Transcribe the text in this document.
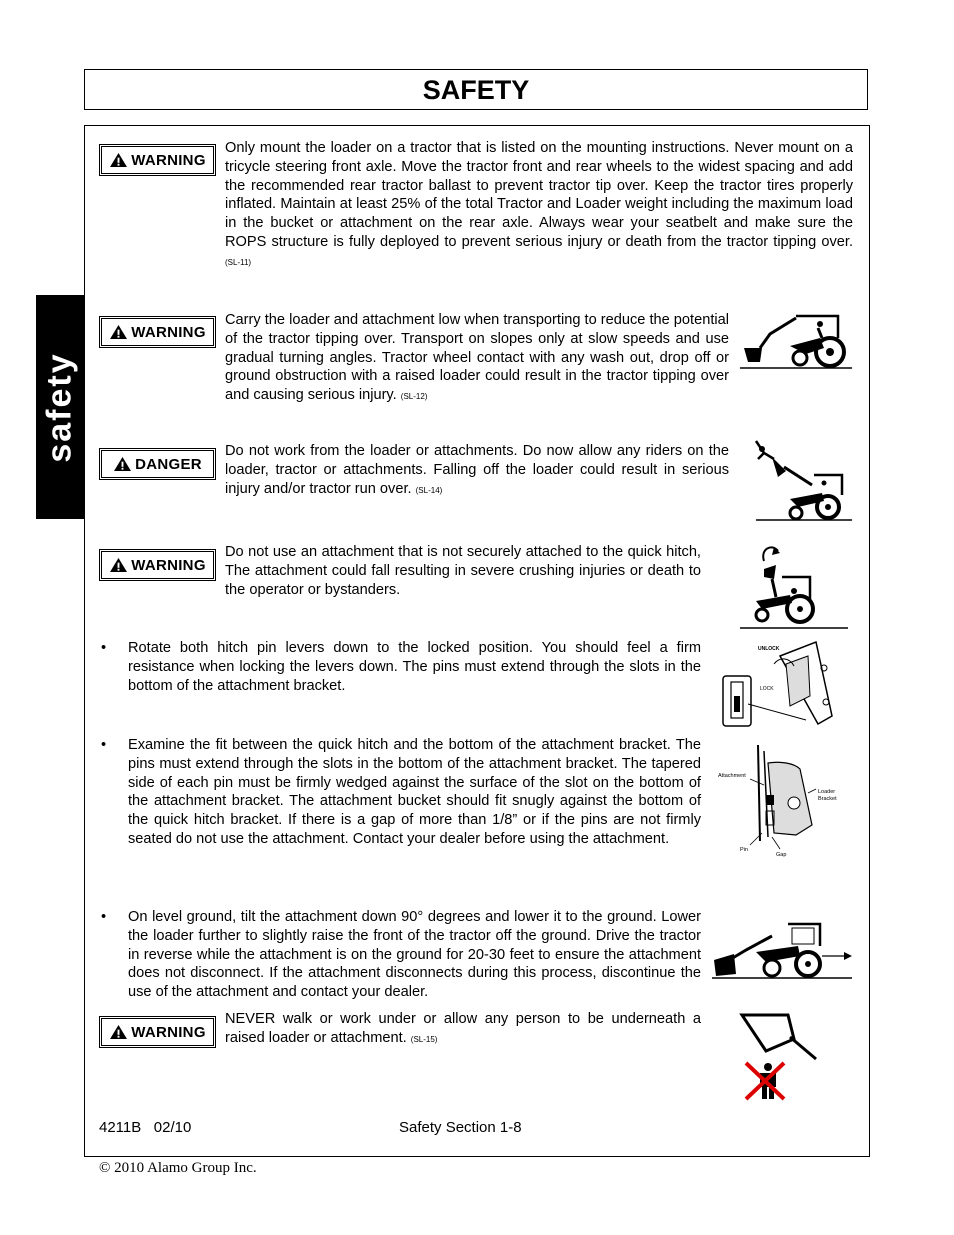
SAFETY
safety
WARNING
Only mount the loader on a tractor that is listed on the mounting instructions. Never mount on a tricycle steering front axle. Move the tractor front and rear wheels to the widest spacing and add the recommended rear tractor ballast to prevent tractor tip over. Keep the tractor tires properly inflated. Maintain at least 25% of the total Tractor and Loader weight including the maximum load in the bucket or attachment on the rear axle. Always wear your seatbelt and make sure the ROPS structure is fully deployed to prevent serious injury or death from the tractor tipping over. (SL-11)
WARNING
Carry the loader and attachment low when transporting to reduce the potential of the tractor tipping over. Transport on slopes only at slow speeds and use gradual turning angles. Tractor wheel contact with any wash out, drop off or ground obstruction with a raised loader could result in the tractor tipping over and causing serious injury. (SL-12)
DANGER
Do not work from the loader or attachments. Do now allow any riders on the loader, tractor or attachments. Falling off the loader could result in serious injury and/or tractor run over. (SL-14)
WARNING
Do not use an attachment that is not securely attached to the quick hitch, The attachment could fall resulting in severe crushing injuries or death to the operator or bystanders.
• Rotate both hitch pin levers down to the locked position. You should feel a firm resistance when locking the levers down. The pins must extend through the slots in the bottom of the attachment bracket.
UNLOCK
LOCK
• Examine the fit between the quick hitch and the bottom of the attachment bracket. The pins must extend through the slots in the bottom of the attachment bracket. The tapered side of each pin must be firmly wedged against the surface of the slot on the bottom of the attachment bracket. The attachment bucket should fit snugly against the bottom of the quick hitch bracket. If there is a gap of more than 1/8” or if the pins are not firmly seated do not use the attachment. Contact your dealer before using the attachment.
Attachment
Loader
Bracket
Pin
Gap
• On level ground, tilt the attachment down 90° degrees and lower it to the ground. Lower the loader further to slightly raise the front of the tractor off the ground. Drive the tractor in reverse while the attachment is on the ground for 20-30 feet to ensure the attachment does not disconnect. If the attachment disconnects during this process, discontinue the use of the attachment and contact your dealer.
WARNING
NEVER walk or work under or allow any person to be underneath a raised loader or attachment. (SL-15)
4211B   02/10	Safety Section 1-8
© 2010 Alamo Group Inc.
